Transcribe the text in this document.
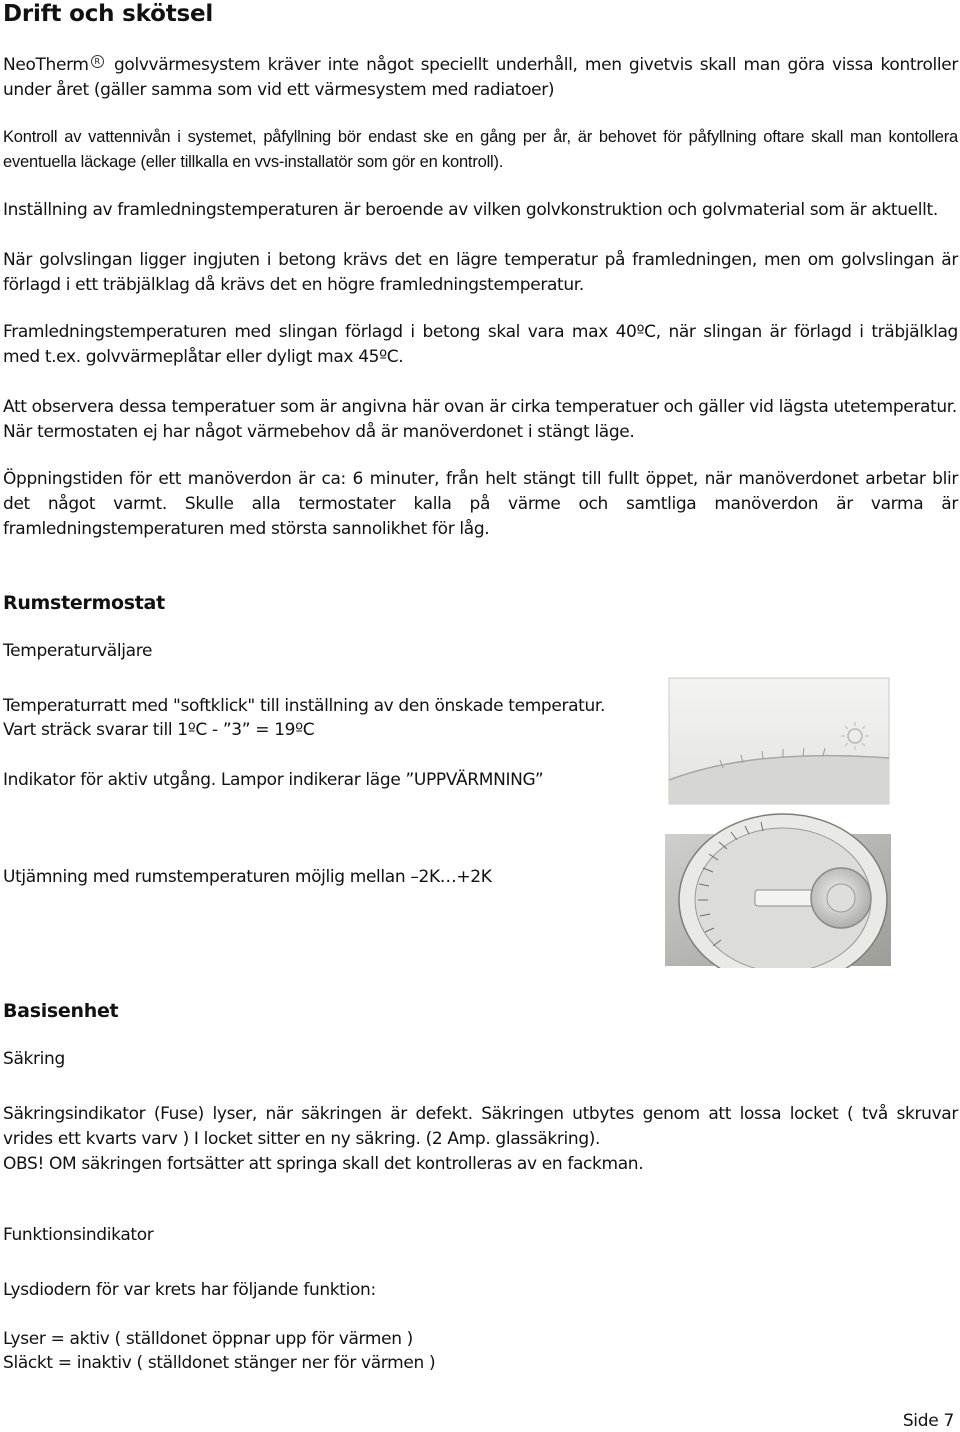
Drift och skötsel

NeoTherm R golvvärmesystem kräver inte något speciellt underhåll, men givetvis skall man göra vissa kontroller under året (gäller samma som vid ett värmesystem med radiatoer)

Kontroll av vattennivån i systemet, påfyllning bör endast ske en gång per år, är behovet för påfyllning oftare skall man kontollera eventuella läckage (eller tillkalla en vvs-installatör som gör en kontroll).

Inställning av framledningstemperaturen är beroende av vilken golvkonstruktion och golvmaterial som är aktuellt.

När golvslingan ligger ingjuten i betong krävs det en lägre temperatur på framledningen, men om golvslingan är förlagd i ett träbjälklag då krävs det en högre framledningstemperatur.

Framledningstemperaturen med slingan förlagd i betong skal vara max 40ºC, när slingan är förlagd i träbjälklag med t.ex. golvvärmeplåtar eller dyligt max 45ºC.

Att observera dessa temperatuer som är angivna här ovan är cirka temperatuer och gäller vid lägsta utetemperatur.

När termostaten ej har något värmebehov då är manöverdonet i stängt läge.

Öppningstiden för ett manöverdon är ca: 6 minuter, från helt stängt till fullt öppet, när manöverdonet arbetar blir det något varmt. Skulle alla termostater kalla på värme och samtliga manöverdon är varma är framledningstemperaturen med största sannolikhet för låg.

Rumstermostat

Temperaturväljare

Temperaturratt med "softklick" till inställning av den önskade temperatur.

Vart sträck svarar till 1ºC - ”3” = 19ºC

Indikator för aktiv utgång. Lampor indikerar läge ”UPPVÄRMNING”

Utjämning med rumstemperaturen möjlig mellan –2K…+2K

Basisenhet

Säkring

Säkringsindikator (Fuse) lyser, när säkringen är defekt. Säkringen utbytes genom att lossa locket ( två skruvar vrides ett kvarts varv ) I locket sitter en ny säkring. (2 Amp. glassäkring).

OBS! OM säkringen fortsätter att springa skall det kontrolleras av en fackman.

Funktionsindikator

Lysdiodern för var krets har följande funktion:

Lyser = aktiv ( ställdonet öppnar upp för värmen )

Släckt = inaktiv ( ställdonet stänger ner för värmen )

Side 7
